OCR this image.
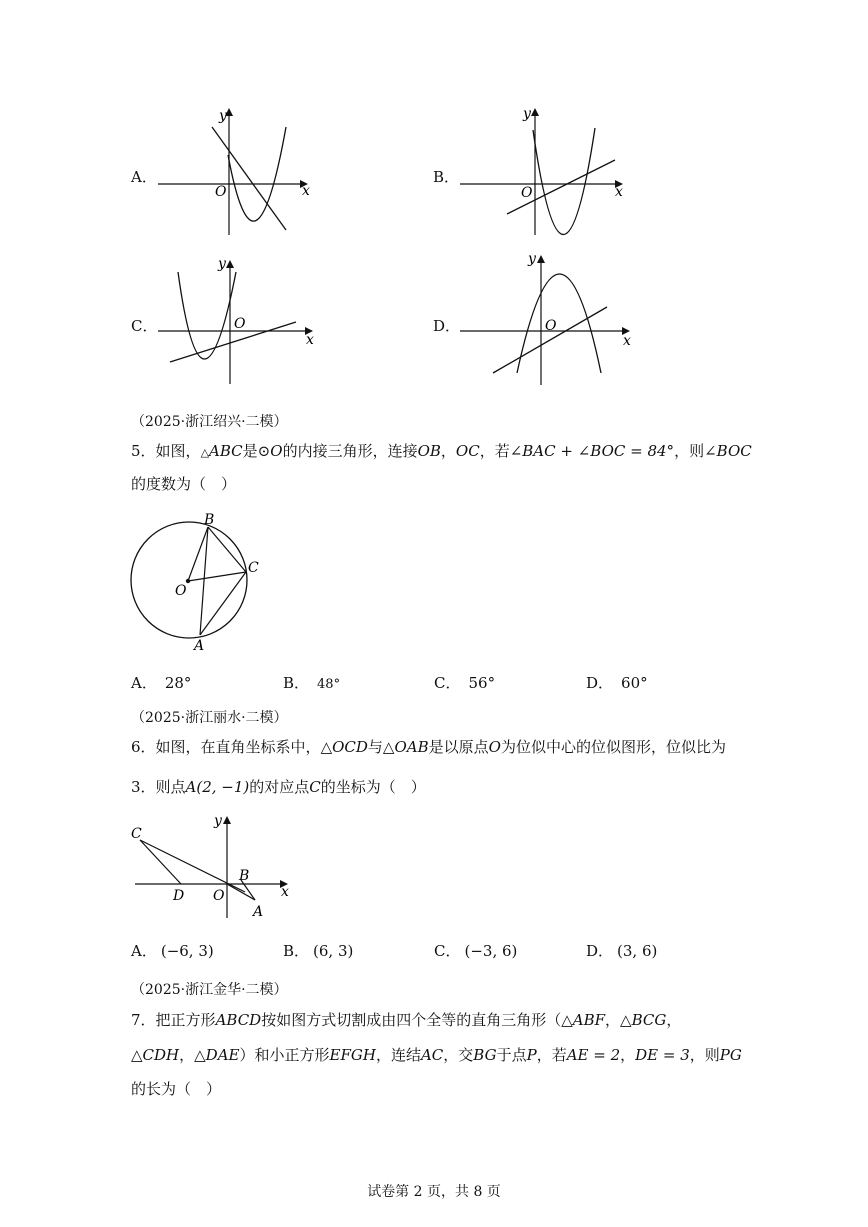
A．
x
y
O
B．
x
y
O
C．
x
y
O	D．
x
y
O
（2025·浙江绍兴·二模）
5．如图，△ABC是⊙O的内接三角形，连接OB，OC，若∠BAC + ∠BOC = 84°，则∠BOC
的度数为（　）
B
C
O
A
A． 28°	B． 48°	C． 56°	D． 60°
（2025·浙江丽水·二模）
6．如图，在直角坐标系中，△OCD与△OAB是以原点O为位似中心的位似图形，位似比为
3．则点A(2, −1)的对应点C的坐标为（　）
C
D O
B
A
x
y
A． (−6, 3)	B． (6, 3)	C． (−3, 6)	D． (3, 6)
（2025·浙江金华·二模）
7．把正方形ABCD按如图方式切割成由四个全等的直角三角形（△ABF，△BCG，
△CDH，△DAE）和小正方形EFGH，连结AC，交BG于点P，若AE = 2，DE = 3，则PG
的长为（　）
试卷第 2 页，共 8 页
